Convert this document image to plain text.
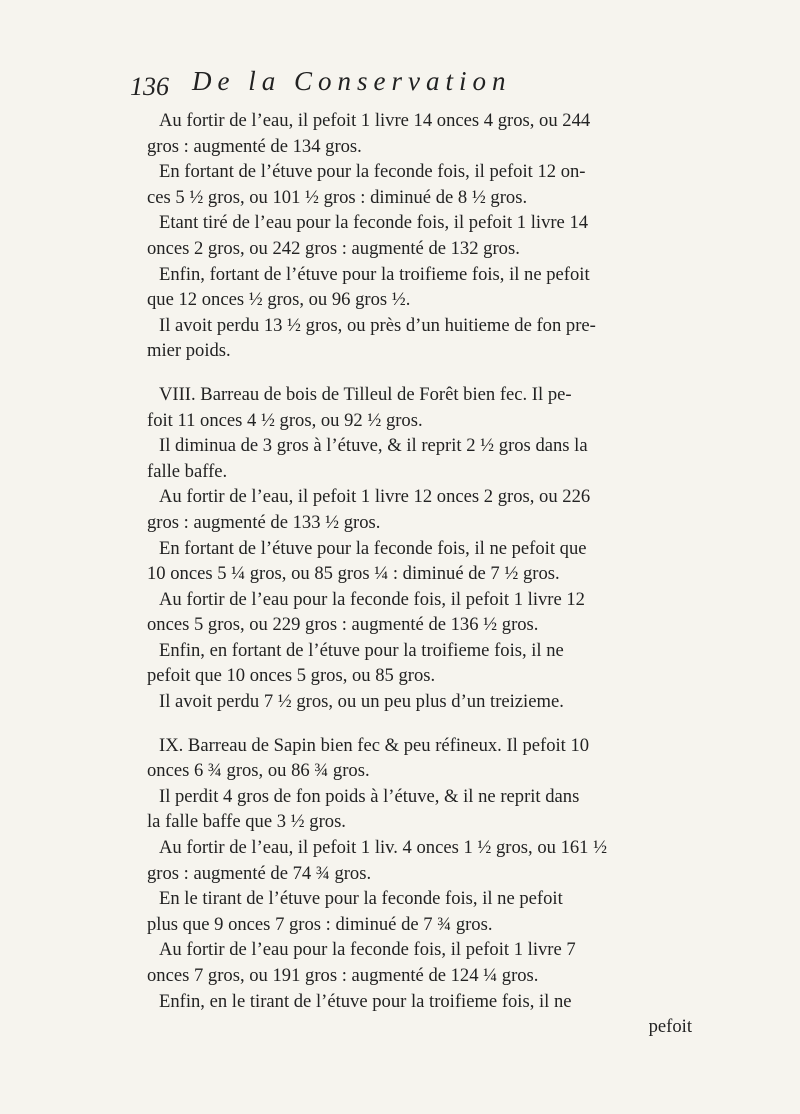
136 De la Conservation
Au fortir de l’eau, il pefoit 1 livre 14 onces 4 gros, ou 244
gros : augmenté de 134 gros.
En fortant de l’étuve pour la feconde fois, il pefoit 12 on-
ces 5 ½ gros, ou 101 ½ gros : diminué de 8 ½ gros.
Etant tiré de l’eau pour la feconde fois, il pefoit 1 livre 14
onces 2 gros, ou 242 gros : augmenté de 132 gros.
Enfin, fortant de l’étuve pour la troifieme fois, il ne pefoit
que 12 onces ½ gros, ou 96 gros ½.
Il avoit perdu 13 ½ gros, ou près d’un huitieme de fon pre-
mier poids.
VIII. Barreau de bois de Tilleul de Forêt bien fec. Il pe-
foit 11 onces 4 ½ gros, ou 92 ½ gros.
Il diminua de 3 gros à l’étuve, & il reprit 2 ½ gros dans la
falle baffe.
Au fortir de l’eau, il pefoit 1 livre 12 onces 2 gros, ou 226
gros : augmenté de 133 ½ gros.
En fortant de l’étuve pour la feconde fois, il ne pefoit que
10 onces 5 ¼ gros, ou 85 gros ¼ : diminué de 7 ½ gros.
Au fortir de l’eau pour la feconde fois, il pefoit 1 livre 12
onces 5 gros, ou 229 gros : augmenté de 136 ½ gros.
Enfin, en fortant de l’étuve pour la troifieme fois, il ne
pefoit que 10 onces 5 gros, ou 85 gros.
Il avoit perdu 7 ½ gros, ou un peu plus d’un treizieme.
IX. Barreau de Sapin bien fec & peu réfineux. Il pefoit 10
onces 6 ¾ gros, ou 86 ¾ gros.
Il perdit 4 gros de fon poids à l’étuve, & il ne reprit dans
la falle baffe que 3 ½ gros.
Au fortir de l’eau, il pefoit 1 liv. 4 onces 1 ½ gros, ou 161 ½
gros : augmenté de 74 ¾ gros.
En le tirant de l’étuve pour la feconde fois, il ne pefoit
plus que 9 onces 7 gros : diminué de 7 ¾ gros.
Au fortir de l’eau pour la feconde fois, il pefoit 1 livre 7
onces 7 gros, ou 191 gros : augmenté de 124 ¼ gros.
Enfin, en le tirant de l’étuve pour la troifieme fois, il ne
pefoit
